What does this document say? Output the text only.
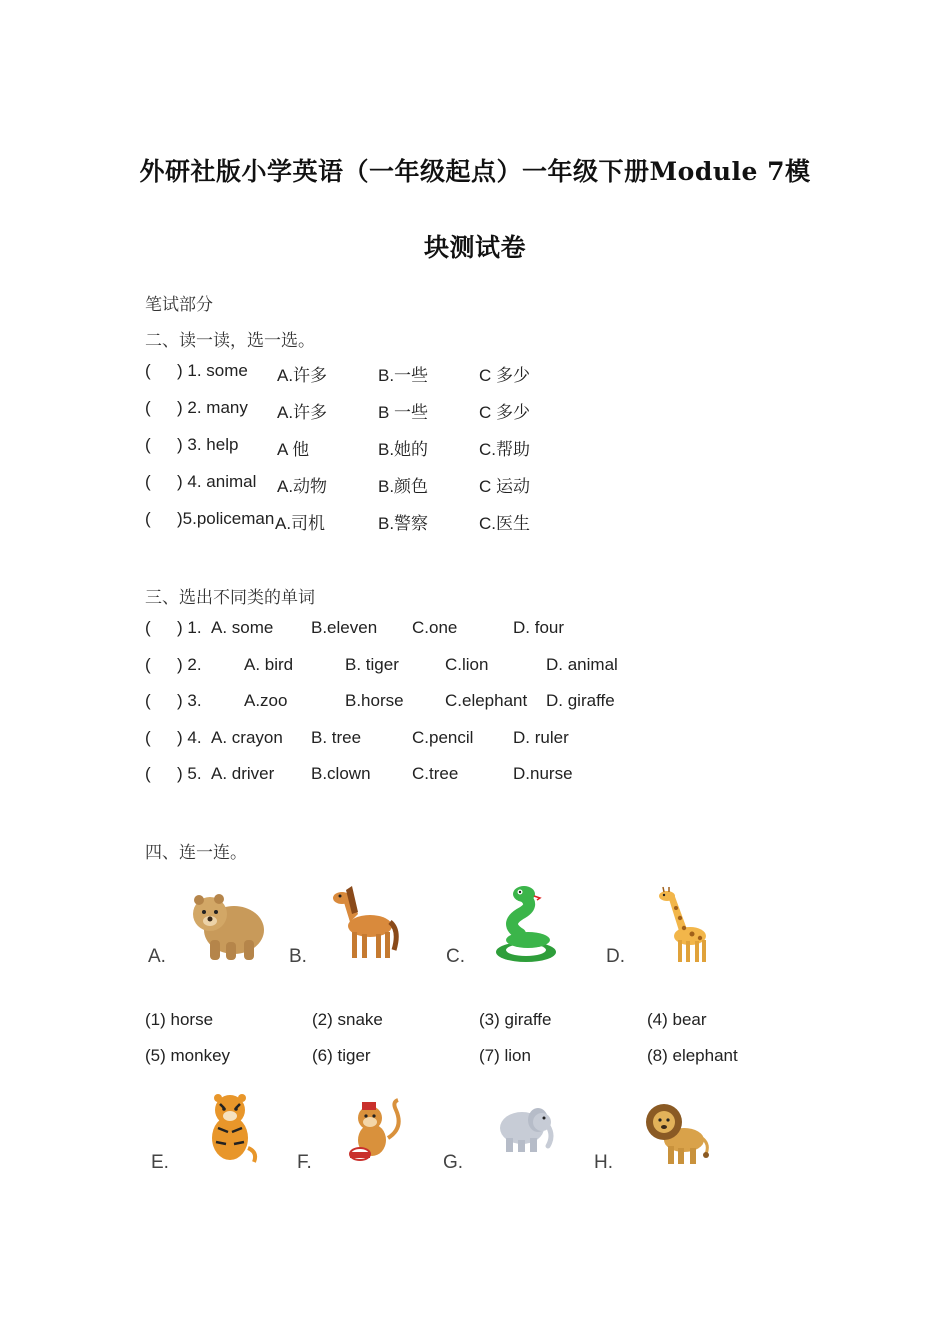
外研社版小学英语（一年级起点）一年级下册Module 7模
块测试卷
笔试部分
二、读一读，选一选。
( ) 1. some A.许多	B.一些	C 多少
( ) 2. many A.许多	B 一些	C 多少
( ) 3. help A 他	B.她的	C.帮助
( ) 4. animal A.动物	B.颜色	C 运动
( )5.policeman A.司机	B.警察	C.医生
三、选出不同类的单词
( ) 1. A. some B.eleven C.one	D. four
( ) 2. A. bird	B. tiger	C.lion	D. animal
( ) 3. A.zoo	B.horse C.elephant D. giraffe
( ) 4. A. crayon B. tree	C.pencil D. ruler
( ) 5. A. driver B.clown C.tree	D.nurse
四、连一连。
A.	B.	C.	D.
(1) horse	(2) snake	(3) giraffe	(4) bear
(5) monkey	(6) tiger	(7) lion	(8) elephant
E.	F.	G.	H.
